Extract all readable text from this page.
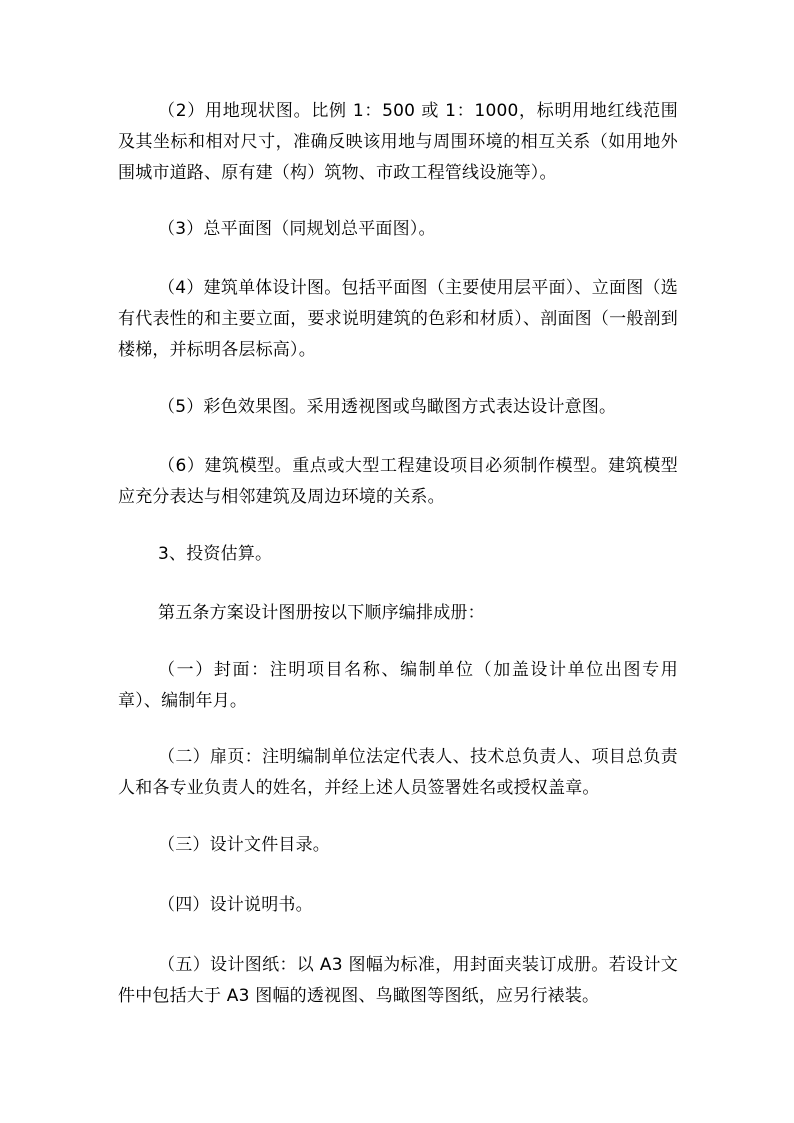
（2）用地现状图。比例 1：500 或 1：1000，标明用地红线范围及其坐标和相对尺寸，准确反映该用地与周围环境的相互关系（如用地外围城市道路、原有建（构）筑物、市政工程管线设施等）。

（3）总平面图（同规划总平面图）。

（4）建筑单体设计图。包括平面图（主要使用层平面）、立面图（选有代表性的和主要立面，要求说明建筑的色彩和材质）、剖面图（一般剖到楼梯，并标明各层标高）。

（5）彩色效果图。采用透视图或鸟瞰图方式表达设计意图。

（6）建筑模型。重点或大型工程建设项目必须制作模型。建筑模型应充分表达与相邻建筑及周边环境的关系。

3、投资估算。

第五条方案设计图册按以下顺序编排成册：

（一）封面：注明项目名称、编制单位（加盖设计单位出图专用章）、编制年月。

（二）扉页：注明编制单位法定代表人、技术总负责人、项目总负责人和各专业负责人的姓名，并经上述人员签署姓名或授权盖章。

（三）设计文件目录。

（四）设计说明书。

（五）设计图纸：以 A3 图幅为标准，用封面夹装订成册。若设计文件中包括大于 A3 图幅的透视图、鸟瞰图等图纸，应另行裱装。
